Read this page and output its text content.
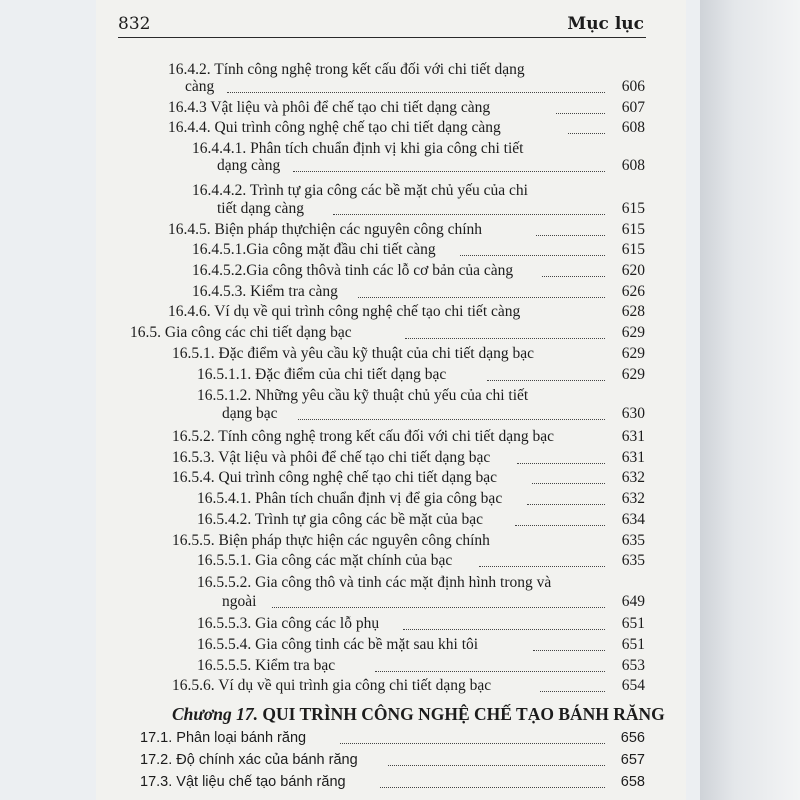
832	Mục lục
16.4.2. Tính công nghệ trong kết cấu đối với chi tiết dạng
càng	606
16.4.3 Vật liệu và phôi để chế tạo chi tiết dạng càng	607
16.4.4. Qui trình công nghệ chế tạo chi tiết dạng càng	608
16.4.4.1. Phân tích chuẩn định vị khi gia công chi tiết
dạng càng	608
16.4.4.2. Trình tự gia công các bề mặt chủ yếu của chi
tiết dạng càng	615
16.4.5. Biện pháp thựchiện các nguyên công chính	615
16.4.5.1.Gia công mặt đầu chi tiết càng	615
16.4.5.2.Gia công thôvà tinh các lỗ cơ bản của càng	620
16.4.5.3. Kiểm tra càng	626
16.4.6. Ví dụ về qui trình công nghệ chế tạo chi tiết càng	628
16.5. Gia công các chi tiết dạng bạc	629
16.5.1. Đặc điểm và yêu cầu kỹ thuật của chi tiết dạng bạc	629
16.5.1.1. Đặc điểm của chi tiết dạng bạc	629
16.5.1.2. Những yêu cầu kỹ thuật chủ yếu của chi tiết
dạng bạc	630
16.5.2. Tính công nghệ trong kết cấu đối với chi tiết dạng bạc	631
16.5.3. Vật liệu và phôi để chế tạo chi tiết dạng bạc	631
16.5.4. Qui trình công nghệ chế tạo chi tiết dạng bạc	632
16.5.4.1. Phân tích chuẩn định vị để gia công bạc	632
16.5.4.2. Trình tự gia công các bề mặt của bạc	634
16.5.5. Biện pháp thực hiện các nguyên công chính	635
16.5.5.1. Gia công các mặt chính của bạc	635
16.5.5.2. Gia công thô và tinh các mặt định hình trong và
ngoài	649
16.5.5.3. Gia công các lỗ phụ	651
16.5.5.4. Gia công tinh các bề mặt sau khi tôi	651
16.5.5.5. Kiểm tra bạc	653
16.5.6. Ví dụ về qui trình gia công chi tiết dạng bạc	654
Chương 17. QUI TRÌNH CÔNG NGHỆ CHẾ TẠO BÁNH RĂNG
17.1. Phân loại bánh răng	656
17.2. Độ chính xác của bánh răng	657
17.3. Vật liệu chế tạo bánh răng	658
